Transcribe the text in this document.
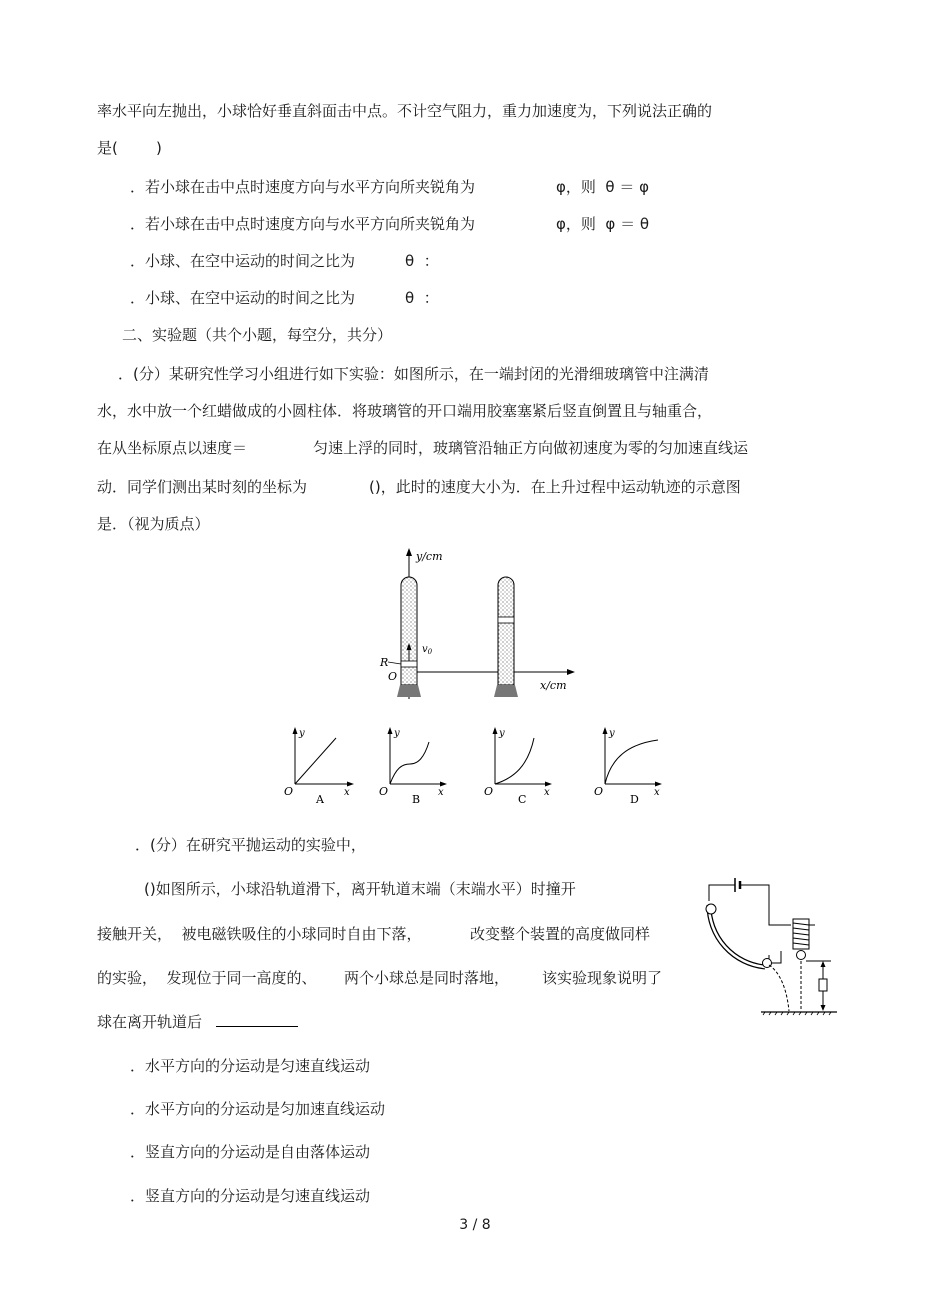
率水平向左抛出，小球恰好垂直斜面击中点。不计空气阻力，重力加速度为，下列说法正确的
是(        )
．若小球在击中点时速度方向与水平方向所夹锐角为	φ，则  θ ＝ φ
．若小球在击中点时速度方向与水平方向所夹锐角为	φ，则  φ ＝ θ
．小球、在空中运动的时间之比为	θ  ：
．小球、在空中运动的时间之比为	θ  ：
二、实验题（共个小题，每空分，共分）
．(分）某研究性学习小组进行如下实验：如图所示，在一端封闭的光滑细玻璃管中注满清
水，水中放一个红蜡做成的小圆柱体．将玻璃管的开口端用胶塞塞紧后竖直倒置且与轴重合，
在从坐标原点以速度＝	匀速上浮的同时，玻璃管沿轴正方向做初速度为零的匀加速直线运
动．同学们测出某时刻的坐标为	()，此时的速度大小为．在上升过程中运动轨迹的示意图
是．（视为质点）
y/cm
x/cm
R
O
$v_0$
y
x
O
A
y
x
O
B
y
x
O
C
y
x
O
D
．(分）在研究平抛运动的实验中，
()如图所示，小球沿轨道滑下，离开轨道末端（末端水平）时撞开
接触开关，  被电磁铁吸住的小球同时自由下落，	改变整个装置的高度做同样
的实验，  发现位于同一高度的、 两个小球总是同时落地， 该实验现象说明了
球在离开轨道后
．水平方向的分运动是匀速直线运动
．水平方向的分运动是匀加速直线运动
．竖直方向的分运动是自由落体运动
．竖直方向的分运动是匀速直线运动
3 / 8
